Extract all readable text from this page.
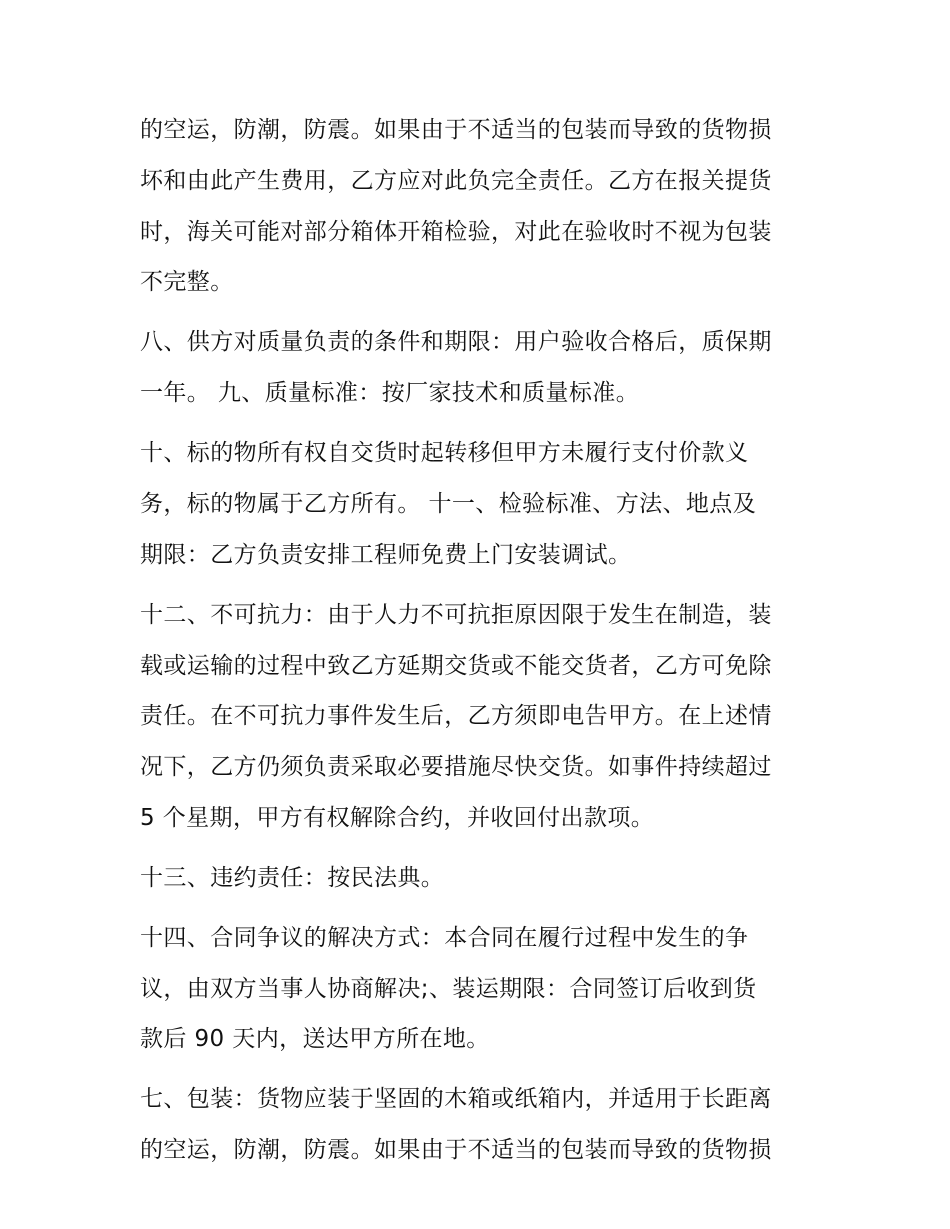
的空运，防潮，防震。如果由于不适当的包装而导致的货物损
坏和由此产生费用，乙方应对此负完全责任。乙方在报关提货
时，海关可能对部分箱体开箱检验，对此在验收时不视为包装
不完整。

八、供方对质量负责的条件和期限：用户验收合格后，质保期
一年。 九、质量标准：按厂家技术和质量标准。

十、标的物所有权自交货时起转移但甲方未履行支付价款义
务，标的物属于乙方所有。 十一、检验标准、方法、地点及
期限：乙方负责安排工程师免费上门安装调试。

十二、不可抗力：由于人力不可抗拒原因限于发生在制造，装
载或运输的过程中致乙方延期交货或不能交货者，乙方可免除
责任。在不可抗力事件发生后，乙方须即电告甲方。在上述情
况下，乙方仍须负责采取必要措施尽快交货。如事件持续超过
5 个星期，甲方有权解除合约，并收回付出款项。

十三、违约责任：按民法典。

十四、合同争议的解决方式：本合同在履行过程中发生的争
议，由双方当事人协商解决;、装运期限：合同签订后收到货
款后 90 天内，送达甲方所在地。

七、包装：货物应装于坚固的木箱或纸箱内，并适用于长距离
的空运，防潮，防震。如果由于不适当的包装而导致的货物损
